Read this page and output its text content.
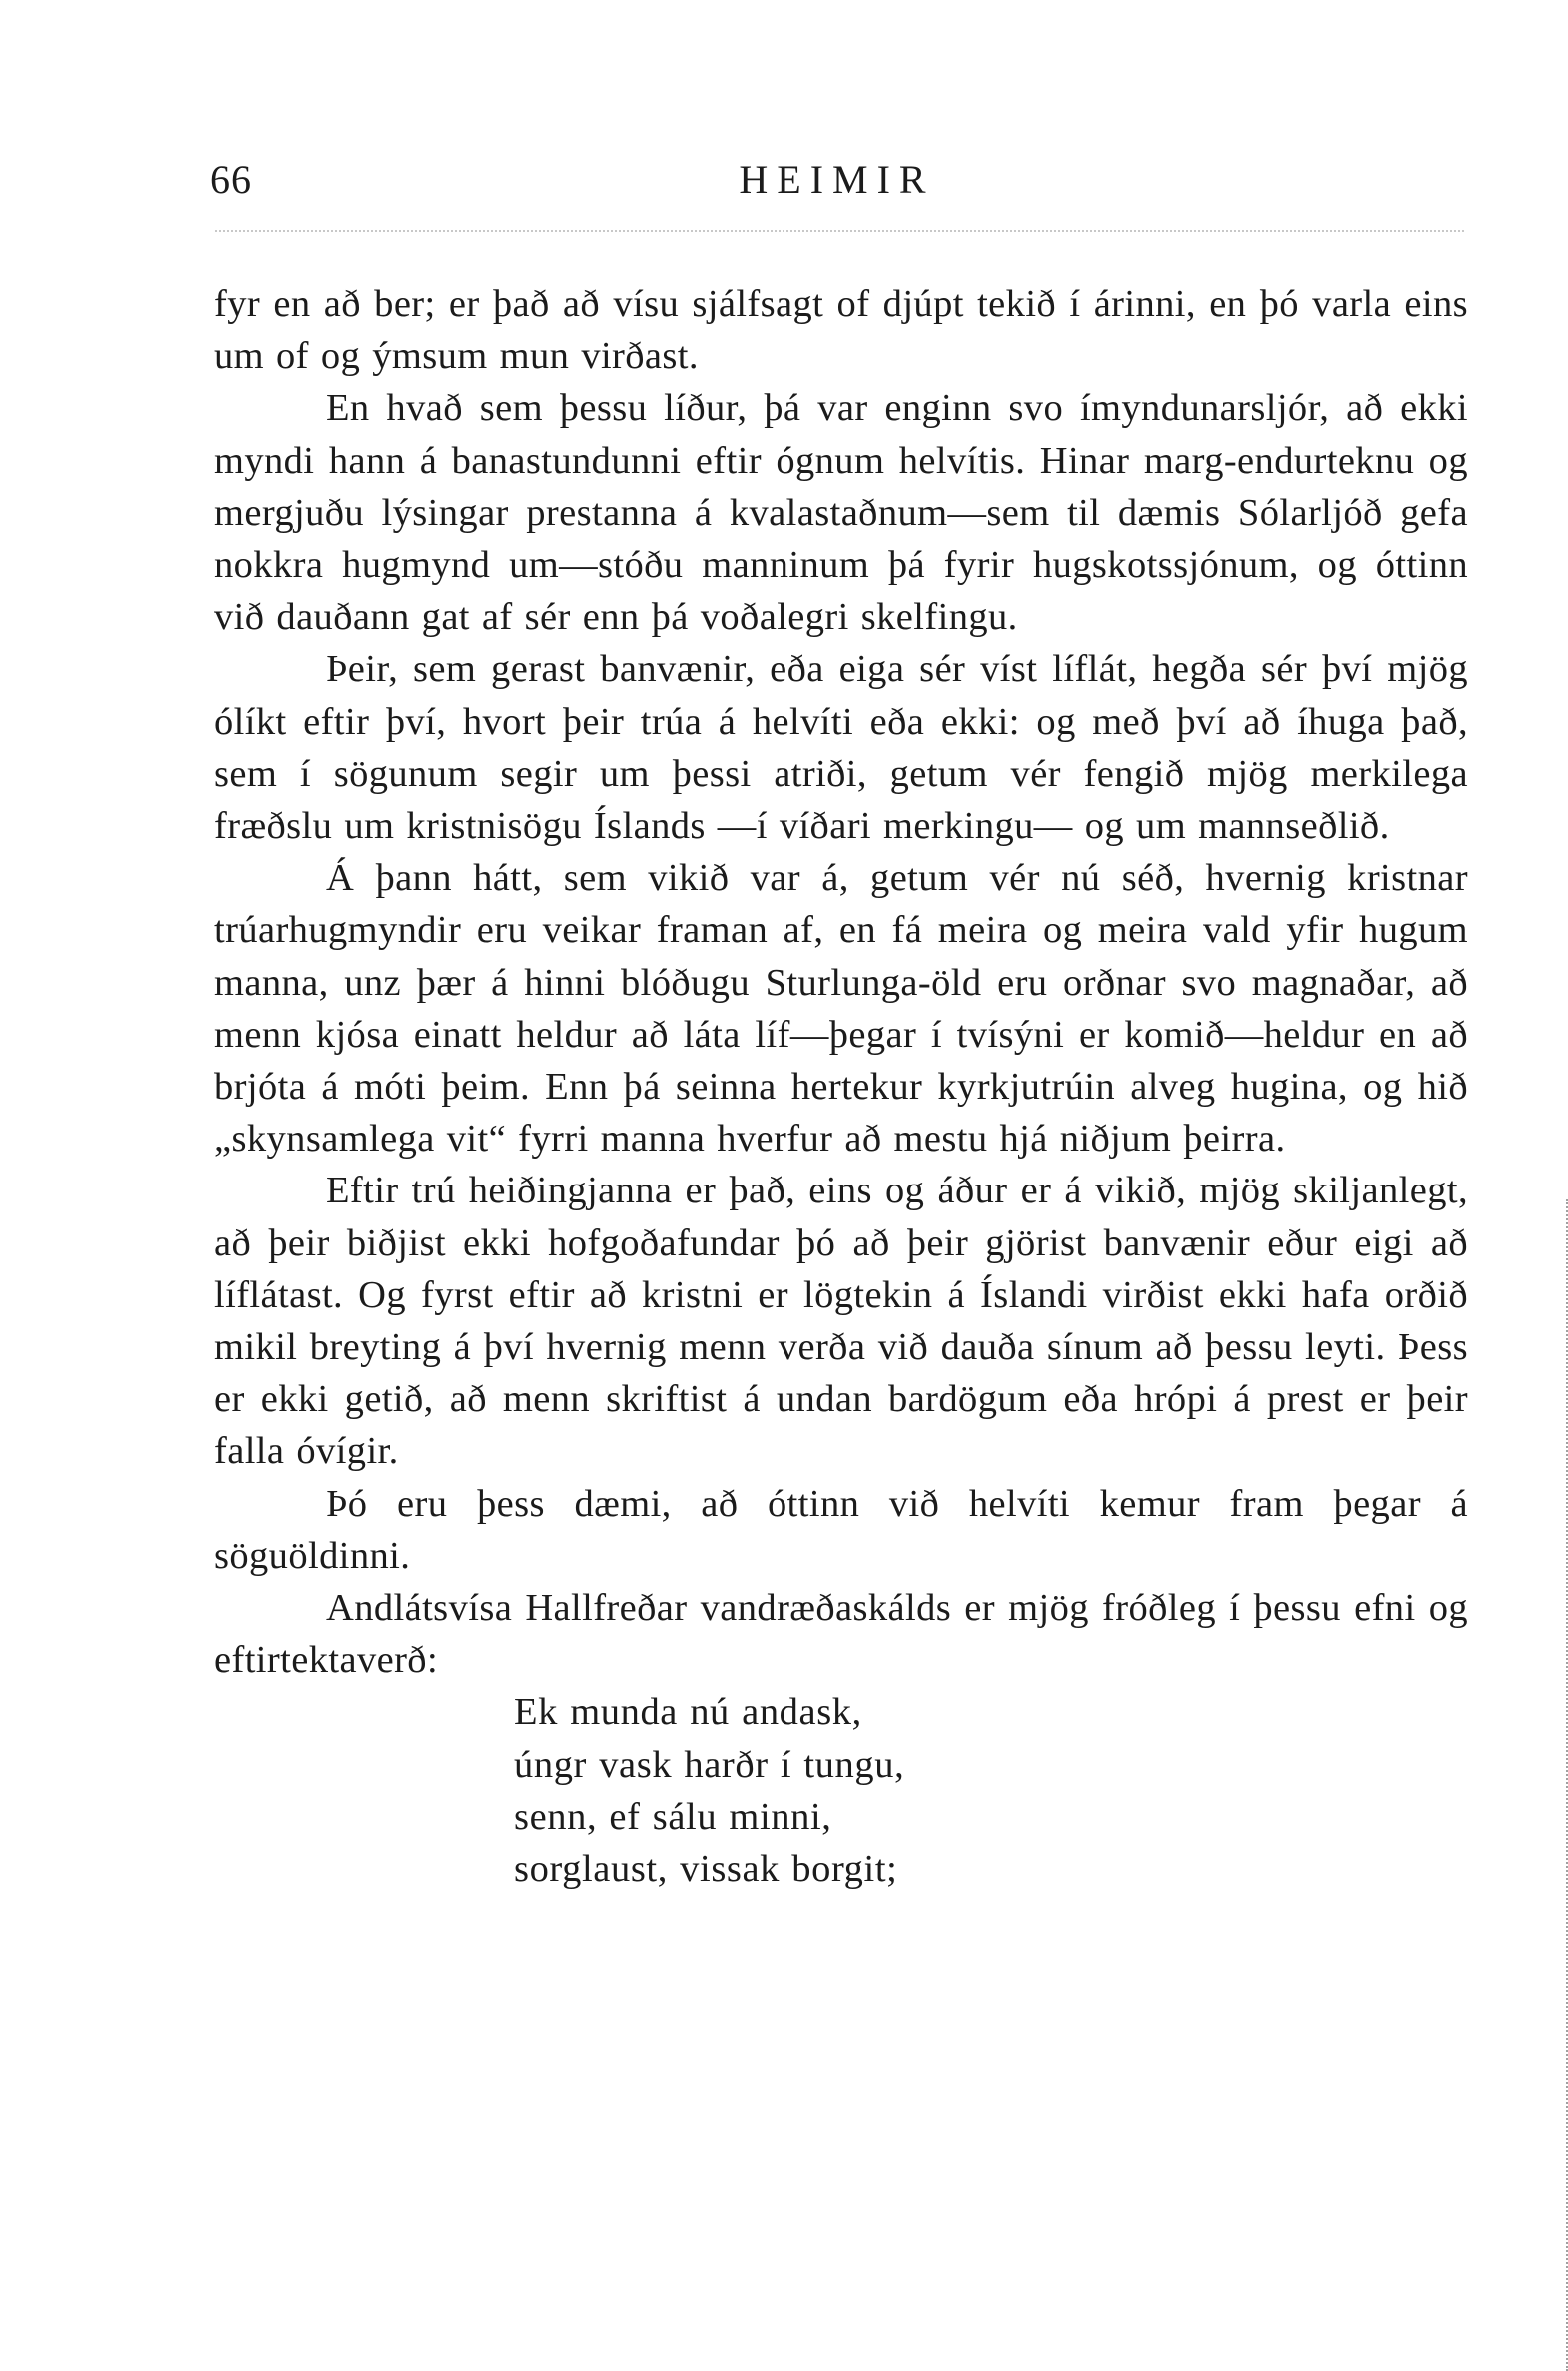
66	HEIMIR

fyr en að ber; er það að vísu sjálfsagt of djúpt tekið í árinni, en þó varla eins um of og ýmsum mun virðast.

En hvað sem þessu líður, þá var enginn svo ímyndunarsljór, að ekki myndi hann á banastundunni eftir ógnum helvítis. Hinar marg-endurteknu og mergjuðu lýsingar prestanna á kvalastaðnum—sem til dæmis Sólarljóð gefa nokkra hugmynd um—stóðu manninum þá fyrir hugskotssjónum, og óttinn við dauðann gat af sér enn þá voðalegri skelfingu.

Þeir, sem gerast banvænir, eða eiga sér víst líflát, hegða sér því mjög ólíkt eftir því, hvort þeir trúa á helvíti eða ekki: og með því að íhuga það, sem í sögunum segir um þessi atriði, getum vér fengið mjög merkilega fræðslu um kristnisögu Íslands —í víðari merkingu— og um mannseðlið.

Á þann hátt, sem vikið var á, getum vér nú séð, hvernig kristnar trúarhugmyndir eru veikar framan af, en fá meira og meira vald yfir hugum manna, unz þær á hinni blóðugu Sturlunga-öld eru orðnar svo magnaðar, að menn kjósa einatt heldur að láta líf—þegar í tvísýni er komið—heldur en að brjóta á móti þeim. Enn þá seinna hertekur kyrkjutrúin alveg hugina, og hið „skynsamlega vit“ fyrri manna hverfur að mestu hjá niðjum þeirra.

Eftir trú heiðingjanna er það, eins og áður er á vikið, mjög skiljanlegt, að þeir biðjist ekki hofgoðafundar þó að þeir gjörist banvænir eður eigi að líflátast. Og fyrst eftir að kristni er lögtekin á Íslandi virðist ekki hafa orðið mikil breyting á því hvernig menn verða við dauða sínum að þessu leyti. Þess er ekki getið, að menn skriftist á undan bardögum eða hrópi á prest er þeir falla óvígir.

Þó eru þess dæmi, að óttinn við helvíti kemur fram þegar á söguöldinni.

Andlátsvísa Hallfreðar vandræðaskálds er mjög fróðleg í þessu efni og eftirtektaverð:

Ek munda nú andask,
úngr vask harðr í tungu,
senn, ef sálu minni,
sorglaust, vissak borgit;
